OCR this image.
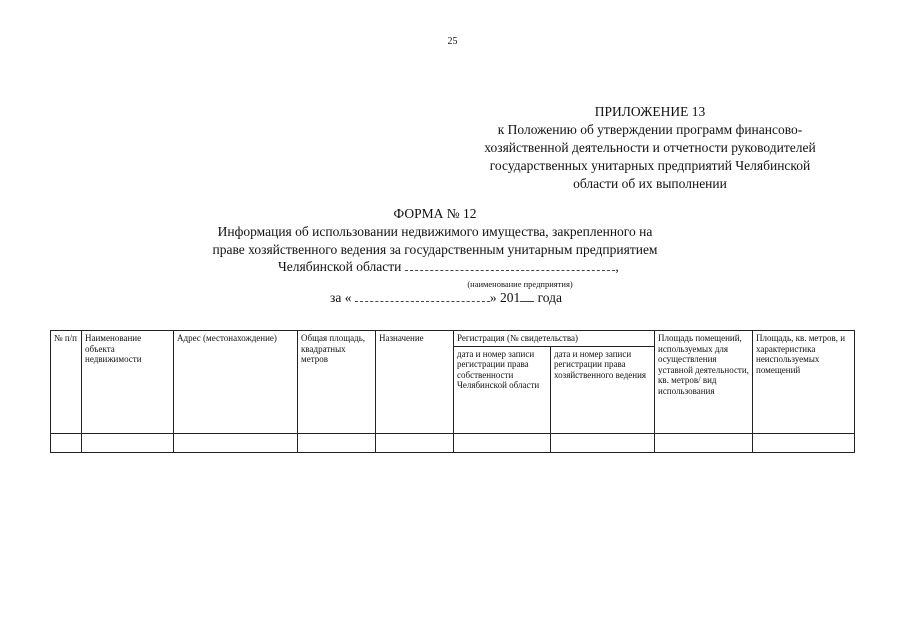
25
ПРИЛОЖЕНИЕ 13
к Положению об утверждении программ финансово-
хозяйственной деятельности и отчетности руководителей
государственных унитарных предприятий Челябинской
области об их выполнении
ФОРМА № 12
Информация об использовании недвижимого имущества, закрепленного на
праве хозяйственного ведения за государственным унитарным предприятием
Челябинской области	,
(наименование предприятия)
за «	» 201 года
№ п/п	Наименование объекта недвижимости	Адрес (местонахождение)	Общая площадь, квадратных метров	Назначение	Регистрация (№ свидетельства)		Площадь помещений, используемых для осуществления уставной деятельности, кв. метров/ вид использования	Площадь, кв. метров, и характеристика неиспользуемых помещений
					дата и номер записи регистрации права собственности Челябинской области	дата и номер записи регистрации права хозяйственного ведения		
